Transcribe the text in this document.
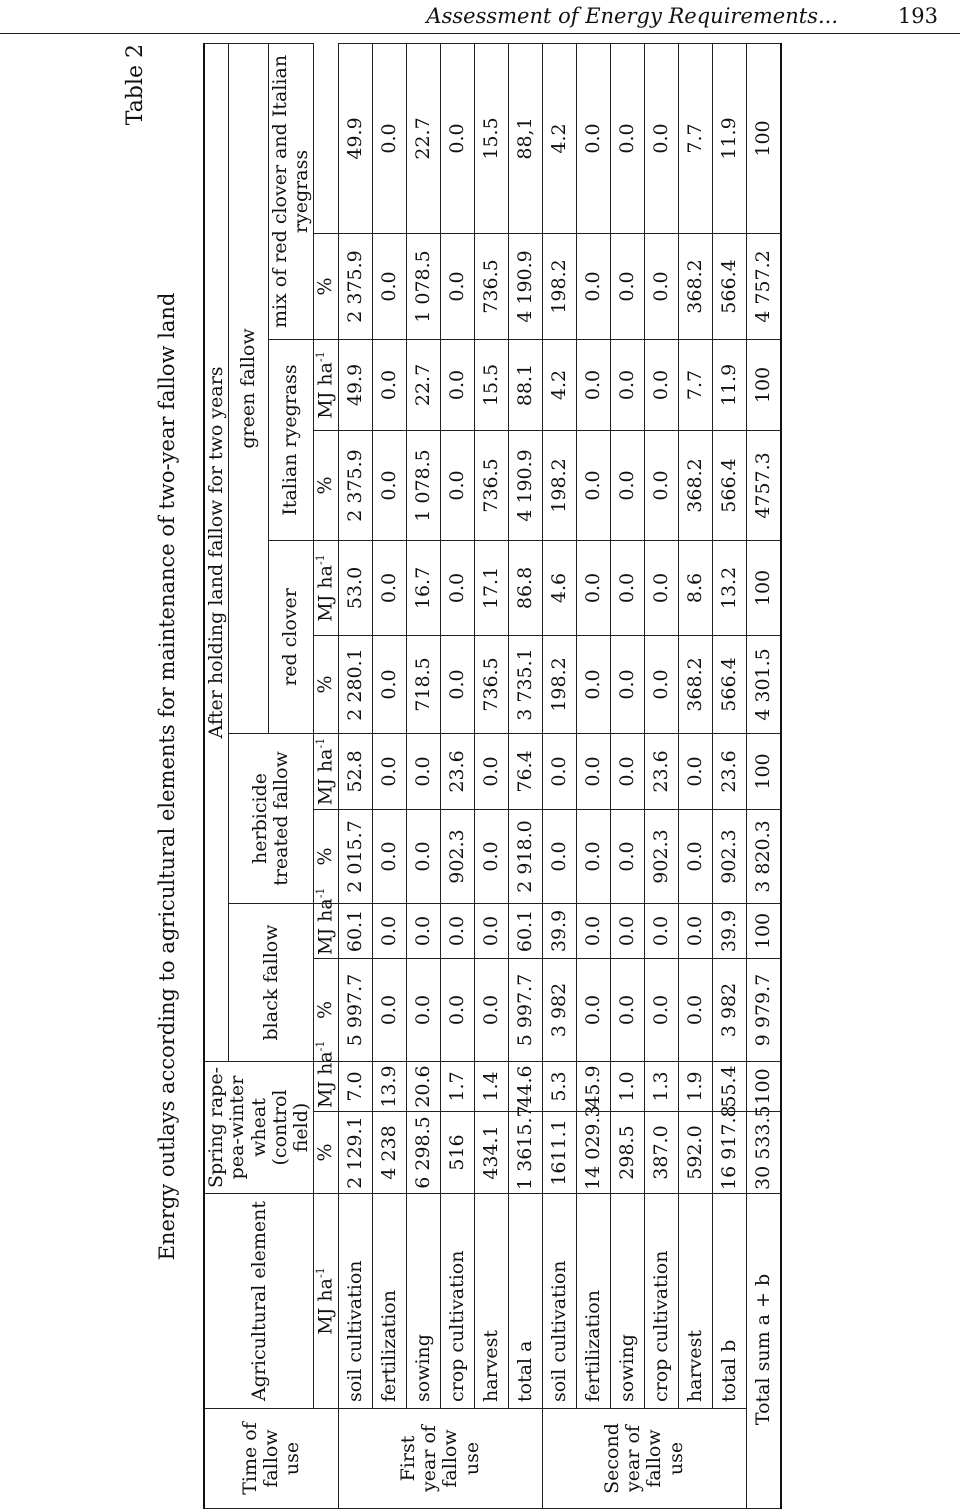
Assessment of Energy Requirements...	193
Table 2
Energy outlays according to agricultural elements for maintenance of two-year fallow land
Time of fallow use	Agricultural element	Spring rape-pea-winter wheat (control field)		After holding land fallow for two years									
				black fallow		herbicide treated fallow		green fallow					
								red clover		Italian ryegrass		mix of red clover and Italian ryegrass	
	MJ $ha^{-1}$	%	MJ $ha^{-1}$	%	MJ $ha^{-1}$	%	MJ $ha^{-1}$	%	MJ $ha^{-1}$	%	MJ $ha^{-1}$	%	
First year of fallow use	soil cultivation	2 129.1	7.0	5 997.7	60.1	2 015.7	52.8	2 280.1	53.0	2 375.9	49.9	2 375.9	49.9
	fertilization	4 238	13.9	0.0	0.0	0.0	0.0	0.0	0.0	0.0	0.0	0.0	0.0
	sowing	6 298.5	20.6	0.0	0.0	0.0	0.0	718.5	16.7	1 078.5	22.7	1 078.5	22.7
	crop cultivation	516	1.7	0.0	0.0	902.3	23.6	0.0	0.0	0.0	0.0	0.0	0.0
	harvest	434.1	1.4	0.0	0.0	0.0	0.0	736.5	17.1	736.5	15.5	736.5	15.5
	total a	1 3615.7	44.6	5 997.7	60.1	2 918.0	76.4	3 735.1	86.8	4 190.9	88.1	4 190.9	88,1
Second year of fallow use	soil cultivation	1611.1	5.3	3 982	39.9	0.0	0.0	198.2	4.6	198.2	4.2	198.2	4.2
	fertilization	14 029.3	45.9	0.0	0.0	0.0	0.0	0.0	0.0	0.0	0.0	0.0	0.0
	sowing	298.5	1.0	0.0	0.0	0.0	0.0	0.0	0.0	0.0	0.0	0.0	0.0
	crop cultivation	387.0	1.3	0.0	0.0	902.3	23.6	0.0	0.0	0.0	0.0	0.0	0.0
	harvest	592.0	1.9	0.0	0.0	0.0	0.0	368.2	8.6	368.2	7.7	368.2	7.7
	total b	16 917.8	55.4	3 982	39.9	902.3	23.6	566.4	13.2	566.4	11.9	566.4	11.9
Total sum a + b		30 533.5	100	9 979.7	100	3 820.3	100	4 301.5	100	4757.3	100	4 757.2	100
